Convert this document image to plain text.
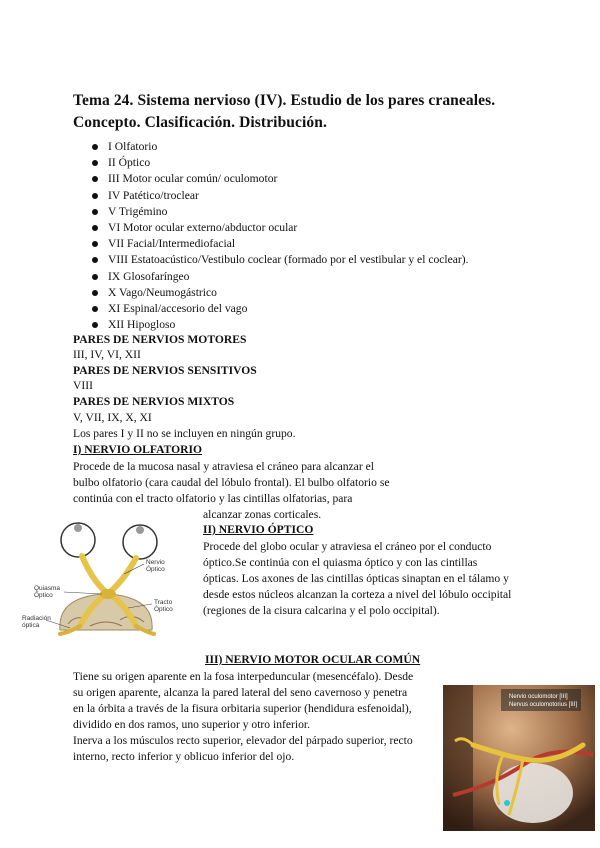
Tema 24. Sistema nervioso (IV). Estudio de los pares craneales.
Concepto. Clasificación. Distribución.
I Olfatorio
II Óptico
III Motor ocular común/ oculomotor
IV Patético/troclear
V Trigémino
VI Motor ocular externo/abductor ocular
VII Facial/Intermediofacial
VIII Estatoacústico/Vestibulo coclear (formado por el vestibular y el coclear).
IX Glosofaríngeo
X Vago/Neumogástrico
XI Espinal/accesorio del vago
XII Hipogloso
PARES DE NERVIOS MOTORES
III, IV, VI, XII
PARES DE NERVIOS SENSITIVOS
VIII
PARES DE NERVIOS MIXTOS
V, VII, IX, X, XI
Los pares I y II no se incluyen en ningún grupo.
I) NERVIO OLFATORIO
Procede de la mucosa nasal y atraviesa el cráneo para alcanzar el
bulbo olfatorio (cara caudal del lóbulo frontal). El bulbo olfatorio se
continúa con el tracto olfatorio y las cintillas olfatorias, para
alcanzar zonas corticales.
II) NERVIO ÓPTICO
Procede del globo ocular y atraviesa el cráneo por el conducto
óptico.Se continúa con el quiasma óptico y con las cintillas
ópticas. Los axones de las cintillas ópticas sinaptan en el tálamo y
desde estos núcleos alcanzan la corteza a nivel del lóbulo occipital
(regiones de la cisura calcarina y el polo occipital).
Nervio
Óptico
Quiasma
Óptico
Tracto
Óptico
Radiación
óptica
III) NERVIO MOTOR OCULAR COMÚN
Tiene su origen aparente en la fosa interpeduncular (mesencéfalo). Desde
su origen aparente, alcanza la pared lateral del seno cavernoso y penetra
en la órbita a través de la fisura orbitaria superior (hendidura esfenoidal),
dividido en dos ramos, uno superior y otro inferior.
Inerva a los músculos recto superior, elevador del párpado superior, recto
interno, recto inferior y oblicuo inferior del ojo.
Nervio oculomotor [III]
Nervus oculomotorius [III]
